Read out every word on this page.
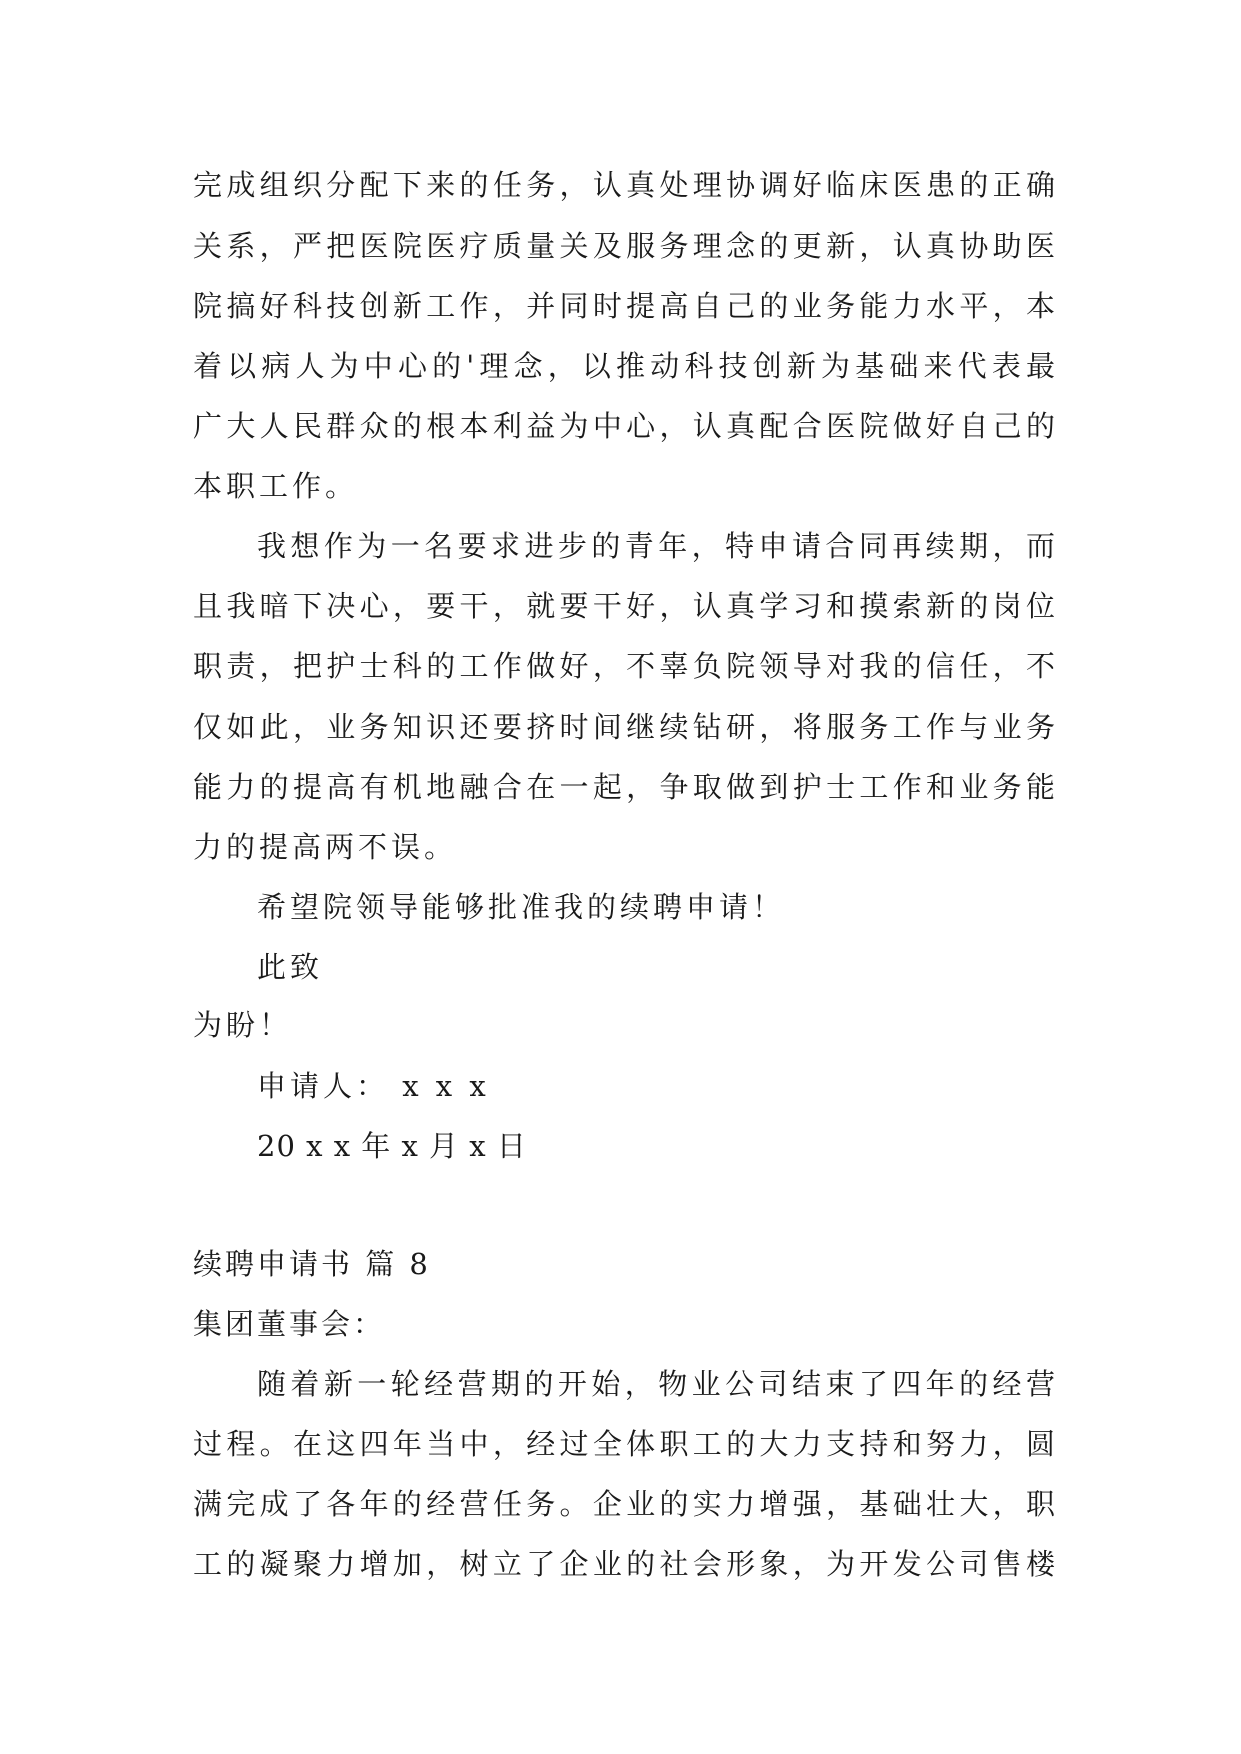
完成组织分配下来的任务，认真处理协调好临床医患的正确
关系，严把医院医疗质量关及服务理念的更新，认真协助医
院搞好科技创新工作，并同时提高自己的业务能力水平，本
着以病人为中心的'理念，以推动科技创新为基础来代表最
广大人民群众的根本利益为中心，认真配合医院做好自己的
本职工作。
我想作为一名要求进步的青年，特申请合同再续期，而
且我暗下决心，要干，就要干好，认真学习和摸索新的岗位
职责，把护士科的工作做好，不辜负院领导对我的信任，不
仅如此，业务知识还要挤时间继续钻研，将服务工作与业务
能力的提高有机地融合在一起，争取做到护士工作和业务能
力的提高两不误。
希望院领导能够批准我的续聘申请！
此致
为盼！
申请人： x x x
20 x x 年 x 月 x 日
续聘申请书 篇 8
集团董事会：
随着新一轮经营期的开始，物业公司结束了四年的经营
过程。在这四年当中，经过全体职工的大力支持和努力，圆
满完成了各年的经营任务。企业的实力增强，基础壮大，职
工的凝聚力增加，树立了企业的社会形象，为开发公司售楼
